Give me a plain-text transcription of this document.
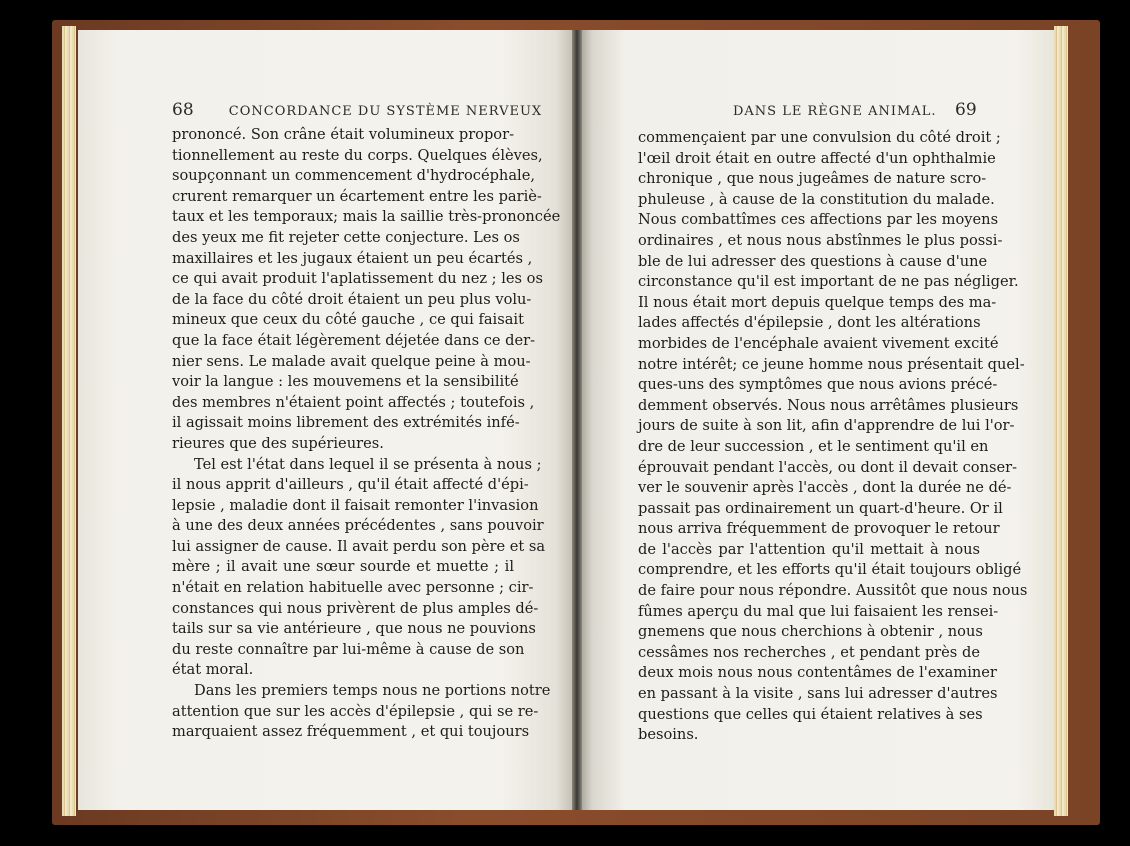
68	CONCORDANCE DU SYSTÈME NERVEUX	DANS LE RÈGNE ANIMAL. 69
prononcé. Son crâne était volumineux propor-
tionnellement au reste du corps. Quelques élèves,
soupçonnant un commencement d'hydrocéphale,
crurent remarquer un écartement entre les pariè-
taux et les temporaux; mais la saillie très-prononcée
des yeux me fit rejeter cette conjecture. Les os
maxillaires et les jugaux étaient un peu écartés ,
ce qui avait produit l'aplatissement du nez ; les os
de la face du côté droit étaient un peu plus volu-
mineux que ceux du côté gauche , ce qui faisait
que la face était légèrement déjetée dans ce der-
nier sens. Le malade avait quelque peine à mou-
voir la langue : les mouvemens et la sensibilité
des membres n'étaient point affectés ; toutefois ,
il agissait moins librement des extrémités infé-
rieures que des supérieures.
Tel est l'état dans lequel il se présenta à nous ;
il nous apprit d'ailleurs , qu'il était affecté d'épi-
lepsie , maladie dont il faisait remonter l'invasion
à une des deux années précédentes , sans pouvoir
lui assigner de cause. Il avait perdu son père et sa
mère ; il avait une sœur sourde et muette ; il
n'était en relation habituelle avec personne ; cir-
constances qui nous privèrent de plus amples dé-
tails sur sa vie antérieure , que nous ne pouvions
du reste connaître par lui-même à cause de son
état moral.
Dans les premiers temps nous ne portions notre
attention que sur les accès d'épilepsie , qui se re-
marquaient assez fréquemment , et qui toujours
commençaient par une convulsion du côté droit ;
l'œil droit était en outre affecté d'un ophthalmie
chronique , que nous jugeâmes de nature scro-
phuleuse , à cause de la constitution du malade.
Nous combattîmes ces affections par les moyens
ordinaires , et nous nous abstînmes le plus possi-
ble de lui adresser des questions à cause d'une
circonstance qu'il est important de ne pas négliger.
Il nous était mort depuis quelque temps des ma-
lades affectés d'épilepsie , dont les altérations
morbides de l'encéphale avaient vivement excité
notre intérêt; ce jeune homme nous présentait quel-
ques-uns des symptômes que nous avions précé-
demment observés. Nous nous arrêtâmes plusieurs
jours de suite à son lit, afin d'apprendre de lui l'or-
dre de leur succession , et le sentiment qu'il en
éprouvait pendant l'accès, ou dont il devait conser-
ver le souvenir après l'accès , dont la durée ne dé-
passait pas ordinairement un quart-d'heure. Or il
nous arriva fréquemment de provoquer le retour
de l'accès par l'attention qu'il mettait à nous
comprendre, et les efforts qu'il était toujours obligé
de faire pour nous répondre. Aussitôt que nous nous
fûmes aperçu du mal que lui faisaient les rensei-
gnemens que nous cherchions à obtenir , nous
cessâmes nos recherches , et pendant près de
deux mois nous nous contentâmes de l'examiner
en passant à la visite , sans lui adresser d'autres
questions que celles qui étaient relatives à ses
besoins.
